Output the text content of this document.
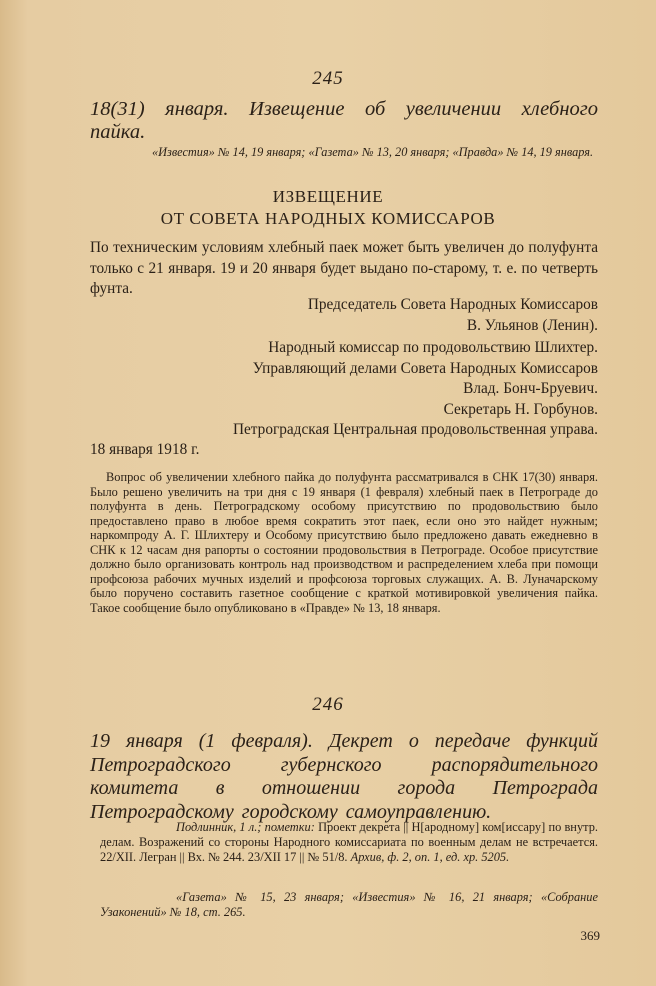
245
18(31) января. Извещение об увеличении хлебного пайка.
«Известия» № 14, 19 января; «Газета» № 13, 20 января; «Правда» № 14, 19 января.
ИЗВЕЩЕНИЕ
ОТ СОВЕТА НАРОДНЫХ КОМИССАРОВ
По техническим условиям хлебный паек может быть увеличен до полуфунта только с 21 января. 19 и 20 января будет выдано по-старому, т. е. по четверть фунта.
Председатель Совета Народных Комиссаров
В. Ульянов (Ленин).
Народный комиссар по продовольствию Шлихтер.
Управляющий делами Совета Народных Комиссаров
Влад. Бонч-Бруевич.
Секретарь Н. Горбунов.
Петроградская Центральная продовольственная управа.
18 января 1918 г.
Вопрос об увеличении хлебного пайка до полуфунта рассматривался в СНК 17(30) января. Было решено увеличить на три дня с 19 января (1 февраля) хлебный паек в Петрограде до полуфунта в день. Петроградскому особому присутствию по продовольствию было предоставлено право в любое время сократить этот паек, если оно это найдет нужным; наркомпроду А. Г. Шлихтеру и Особому присутствию было предложено давать ежедневно в СНК к 12 часам дня рапорты о состоянии продовольствия в Петрограде. Особое присутствие должно было организовать контроль над производством и распределением хлеба при помощи профсоюза рабочих мучных изделий и профсоюза торговых служащих. А. В. Луначарскому было поручено составить газетное сообщение с краткой мотивировкой увеличения пайка. Такое сообщение было опубликовано в «Правде» № 13, 18 января.
246
19 января (1 февраля). Декрет о передаче функций Петроградского губернского распорядительного комитета в отношении города Петрограда Петроградскому городскому самоуправлению.
Подлинник, 1 л.; пометки: Проект декрета || Н[ародному] ком[иссару] по внутр. делам. Возражений со стороны Народного комиссариата по военным делам не встречается. 22/XII. Легран || Вх. № 244. 23/XII 17 || № 51/8. Архив, ф. 2, оп. 1, ед. хр. 5205.
«Газета» № 15, 23 января; «Известия» № 16, 21 января; «Собрание Узаконений» № 18, ст. 265.
369
